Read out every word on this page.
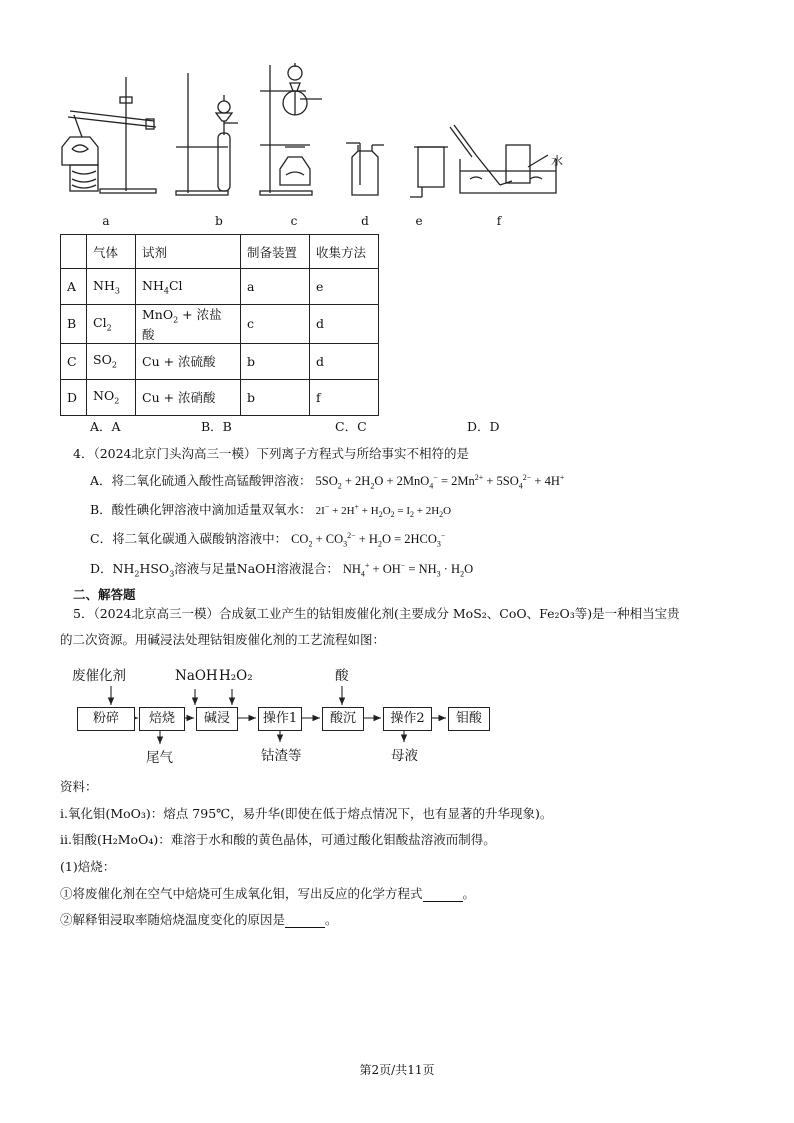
水
a	b	c	d	e	f
	气体	试剂	制备装置	收集方法
A	$NH_3$	$NH_4Cl$	a	e
B	$Cl_2$	MnO$_2$ + 浓盐酸	c	d
C	$SO_2$	Cu + 浓硫酸	b	d
D	$NO_2$	Cu + 浓硝酸	b	f
A．A	B．B	C．C	D．D
4．（2024北京门头沟高三一模）下列离子方程式与所给事实不相符的是
A．将二氧化硫通入酸性高锰酸钾溶液： $5SO_2 + 2H_2O + 2MnO_4^- = 2Mn^{2+} + 5SO_4^{2-} + 4H^+$
B．酸性碘化钾溶液中滴加适量双氧水： $2I^- + 2H^+ + H_2O_2 = I_2 + 2H_2O$
C．将二氧化碳通入碳酸钠溶液中： $CO_2 + CO_3^{2-} + H_2O = 2HCO_3^-$
D．$NH_2HSO_3$溶液与足量NaOH溶液混合： $NH_4^+ + OH^- = NH_3 \cdot H_2O$
二、解答题
5．（2024北京高三一模）合成氨工业产生的钴钼废催化剂(主要成分 MoS₂、CoO、Fe₂O₃等)是一种相当宝贵
的二次资源。用碱浸法处理钴钼废催化剂的工艺流程如图：
废催化剂	NaOH H₂O₂	酸
粉碎	焙烧	碱浸	操作1	酸沉	操作2	钼酸
尾气	钴渣等	母液
资料：
i.氧化钼(MoO₃)：熔点 795℃，易升华(即使在低于熔点情况下，也有显著的升华现象)。
ii.钼酸(H₂MoO₄)：难溶于水和酸的黄色晶体，可通过酸化钼酸盐溶液而制得。
(1)焙烧：
①将废催化剂在空气中焙烧可生成氧化钼，写出反应的化学方程式	。
②解释钼浸取率随焙烧温度变化的原因是	。
第2页/共11页
